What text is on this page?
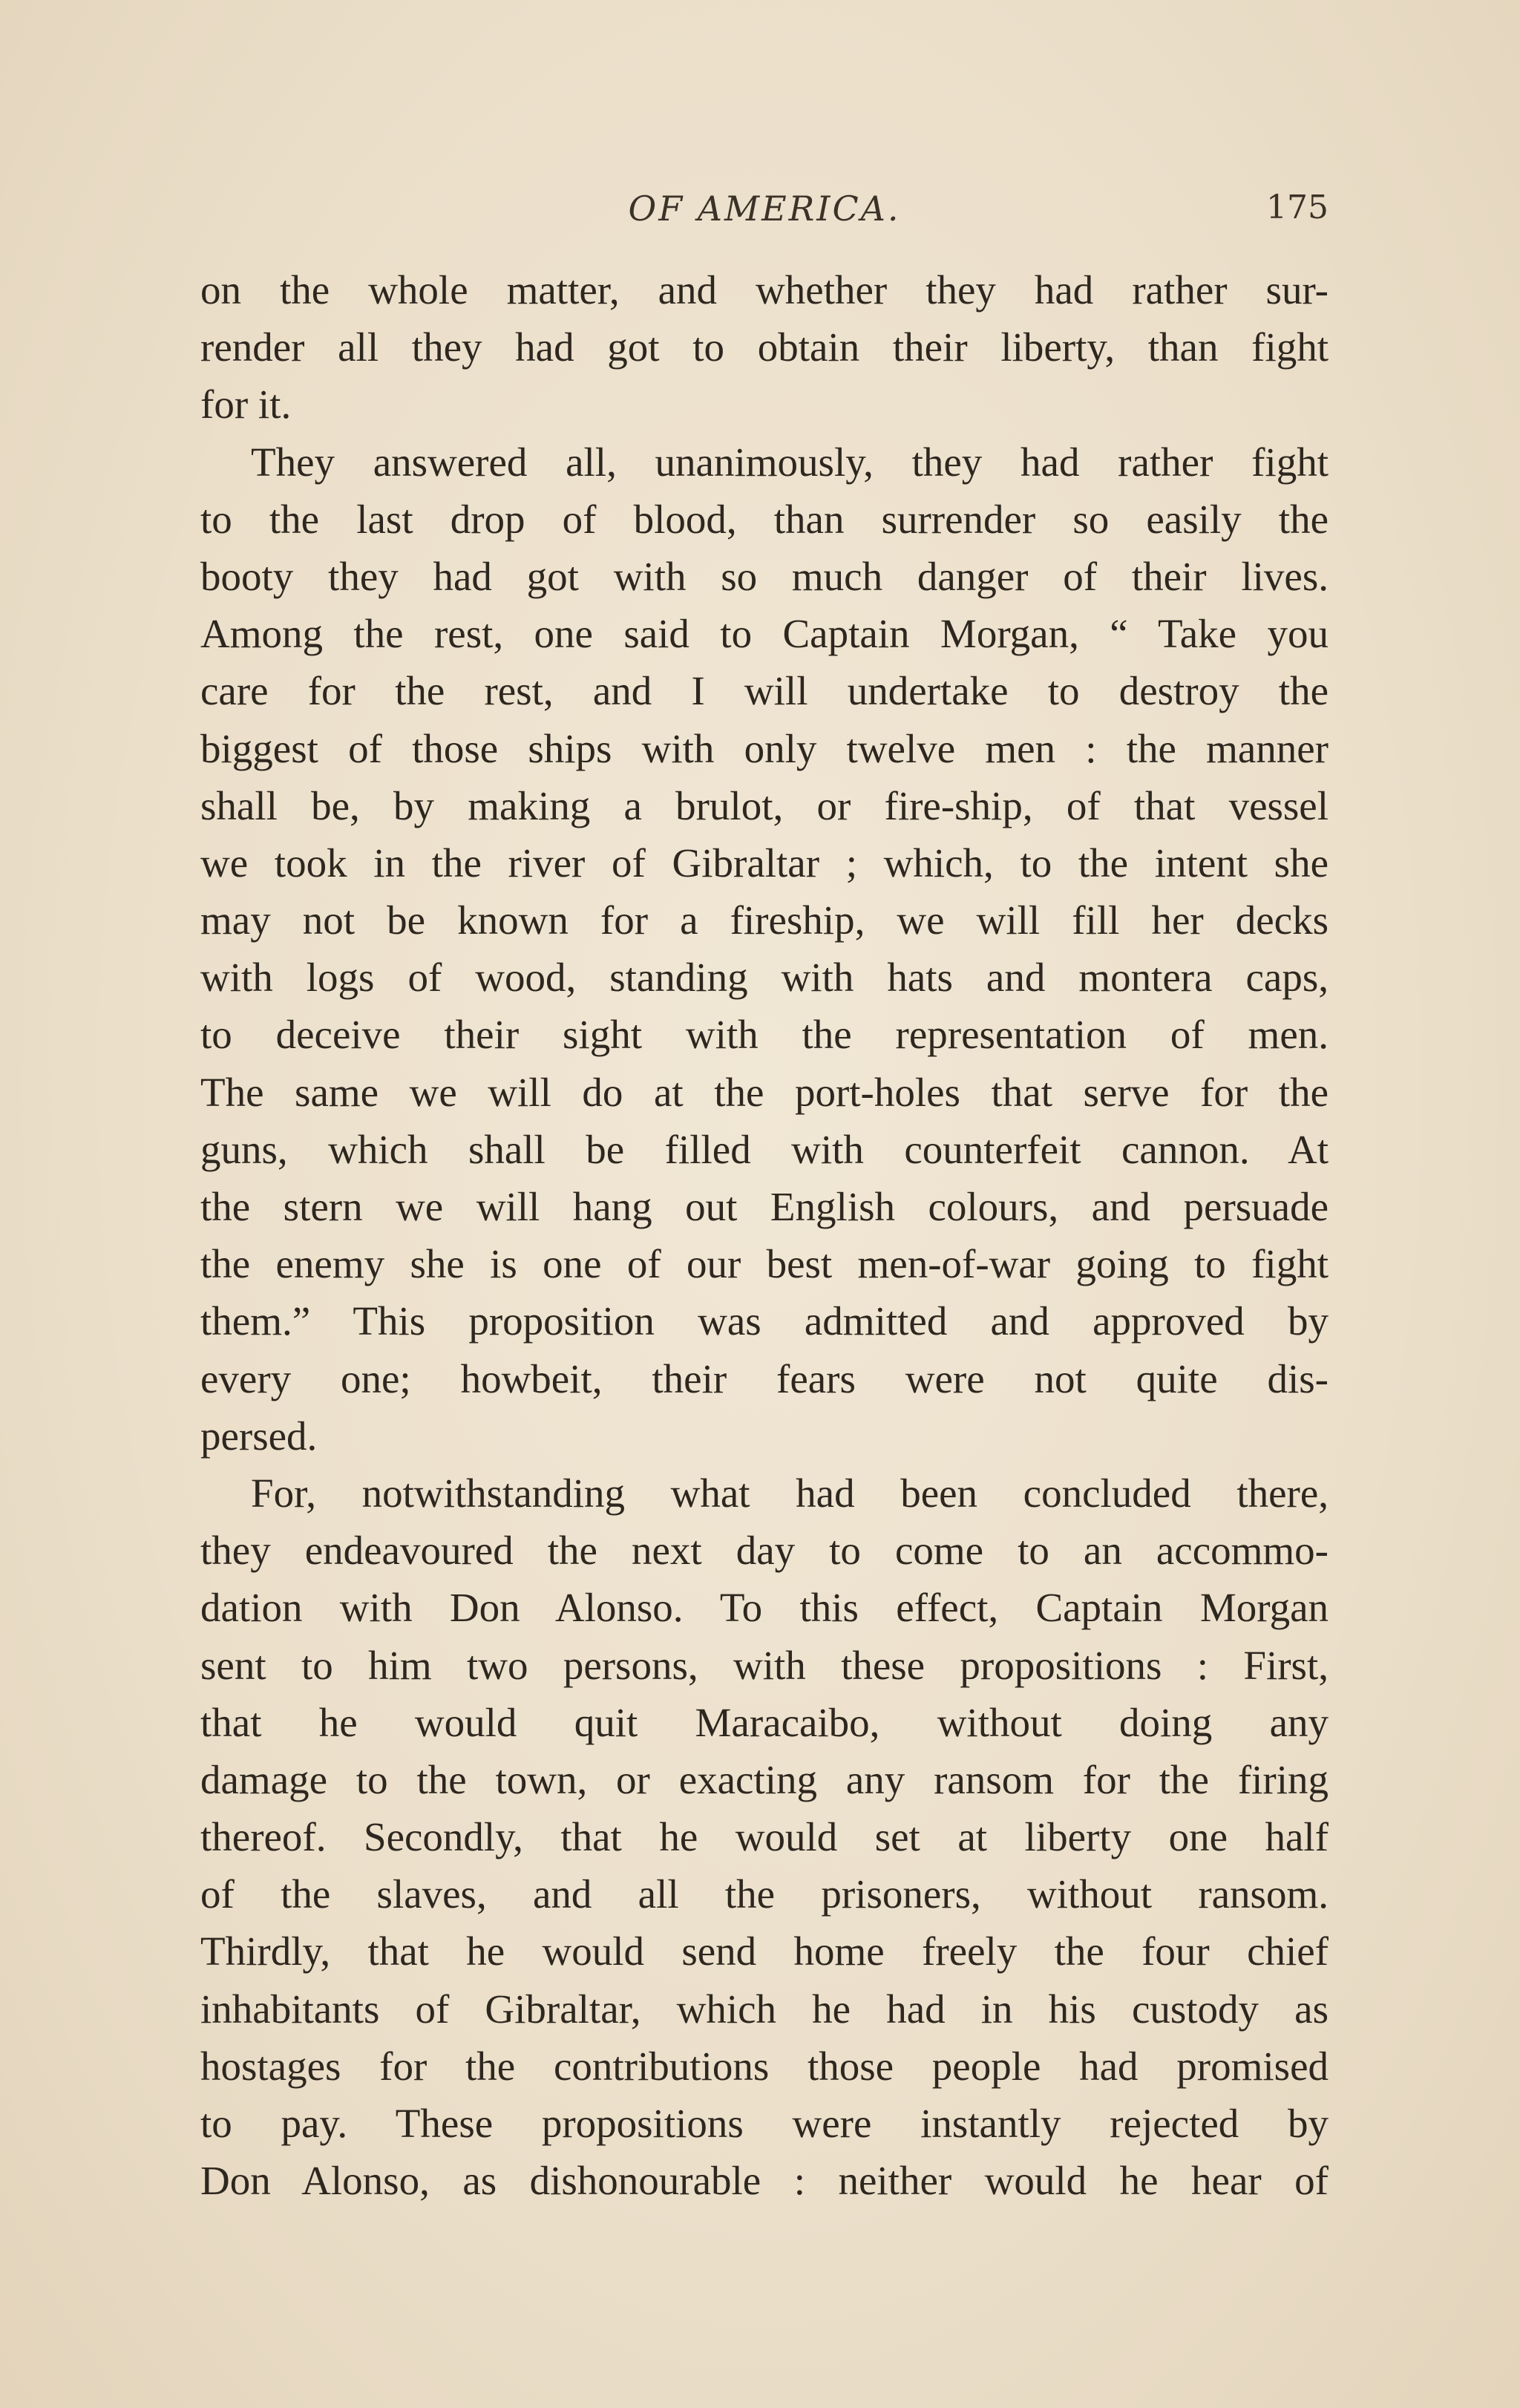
OF AMERICA.	175
on the whole matter, and whether they had rather sur-
render all they had got to obtain their liberty, than fight
for it.
They answered all, unanimously, they had rather fight
to the last drop of blood, than surrender so easily the
booty they had got with so much danger of their lives.
Among the rest, one said to Captain Morgan, “ Take you
care for the rest, and I will undertake to destroy the
biggest of those ships with only twelve men : the manner
shall be, by making a brulot, or fire-ship, of that vessel
we took in the river of Gibraltar ; which, to the intent she
may not be known for a fireship, we will fill her decks
with logs of wood, standing with hats and montera caps,
to deceive their sight with the representation of men.
The same we will do at the port-holes that serve for the
guns, which shall be filled with counterfeit cannon. At
the stern we will hang out English colours, and persuade
the enemy she is one of our best men-of-war going to fight
them.” This proposition was admitted and approved by
every one; howbeit, their fears were not quite dis-
persed.
For, notwithstanding what had been concluded there,
they endeavoured the next day to come to an accommo-
dation with Don Alonso. To this effect, Captain Morgan
sent to him two persons, with these propositions : First,
that he would quit Maracaibo, without doing any
damage to the town, or exacting any ransom for the firing
thereof. Secondly, that he would set at liberty one half
of the slaves, and all the prisoners, without ransom.
Thirdly, that he would send home freely the four chief
inhabitants of Gibraltar, which he had in his custody as
hostages for the contributions those people had promised
to pay. These propositions were instantly rejected by
Don Alonso, as dishonourable : neither would he hear of
